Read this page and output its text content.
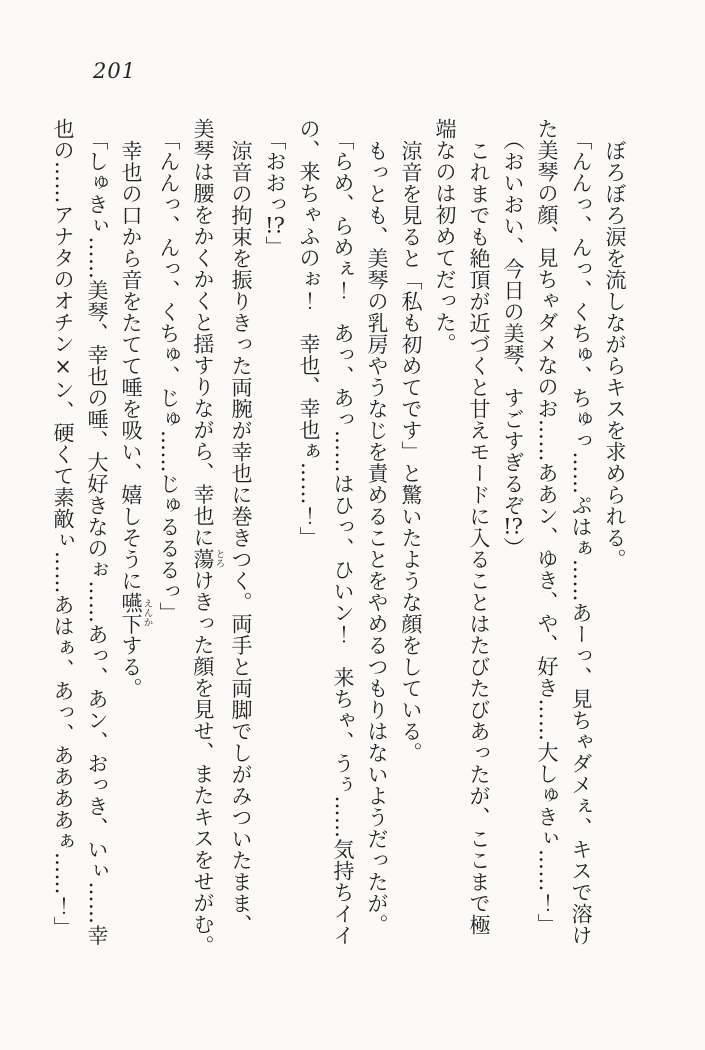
201
ぼろぼろ涙を流しながらキスを求められる。
「んんっ、んっ、くちゅ、ちゅっ……ぷはぁ……あーっ、見ちゃダメぇ、キスで溶け
た美琴の顔、見ちゃダメなのお……ああン、ゆき、や、好き……大しゅきぃ……！」
（おいおい、今日の美琴、すごすぎるぞ!?）
これまでも絶頂が近づくと甘えモードに入ることはたびたびあったが、ここまで極
端なのは初めてだった。
涼音を見ると「私も初めてです」と驚いたような顔をしている。
もっとも、美琴の乳房やうなじを責めることをやめるつもりはないようだったが。
「らめ、らめぇ！　あっ、あっ……はひっ、ひいン！　来ちゃ、うぅ……気持ちイイ
の、来ちゃふのぉ！　幸也、幸也ぁ……！」
「おおっ!?」
涼音の拘束を振りきった両腕が幸也に巻きつく。両手と両脚でしがみついたまま、
美琴は腰をかくかくと揺すりながら、幸也に蕩とろけきった顔を見せ、またキスをせがむ。
「んんっ、んっ、くちゅ、じゅ……じゅるるるっ」
幸也の口から音をたてて唾を吸い、嬉しそうに嚥下えんかする。
「しゅきぃ……美琴、幸也の唾、大好きなのぉ……あっ、あン、おっき、いぃ……幸
也の……アナタのオチン×ン、硬くて素敵ぃ……あはぁ、あっ、ああああぁ……！」
